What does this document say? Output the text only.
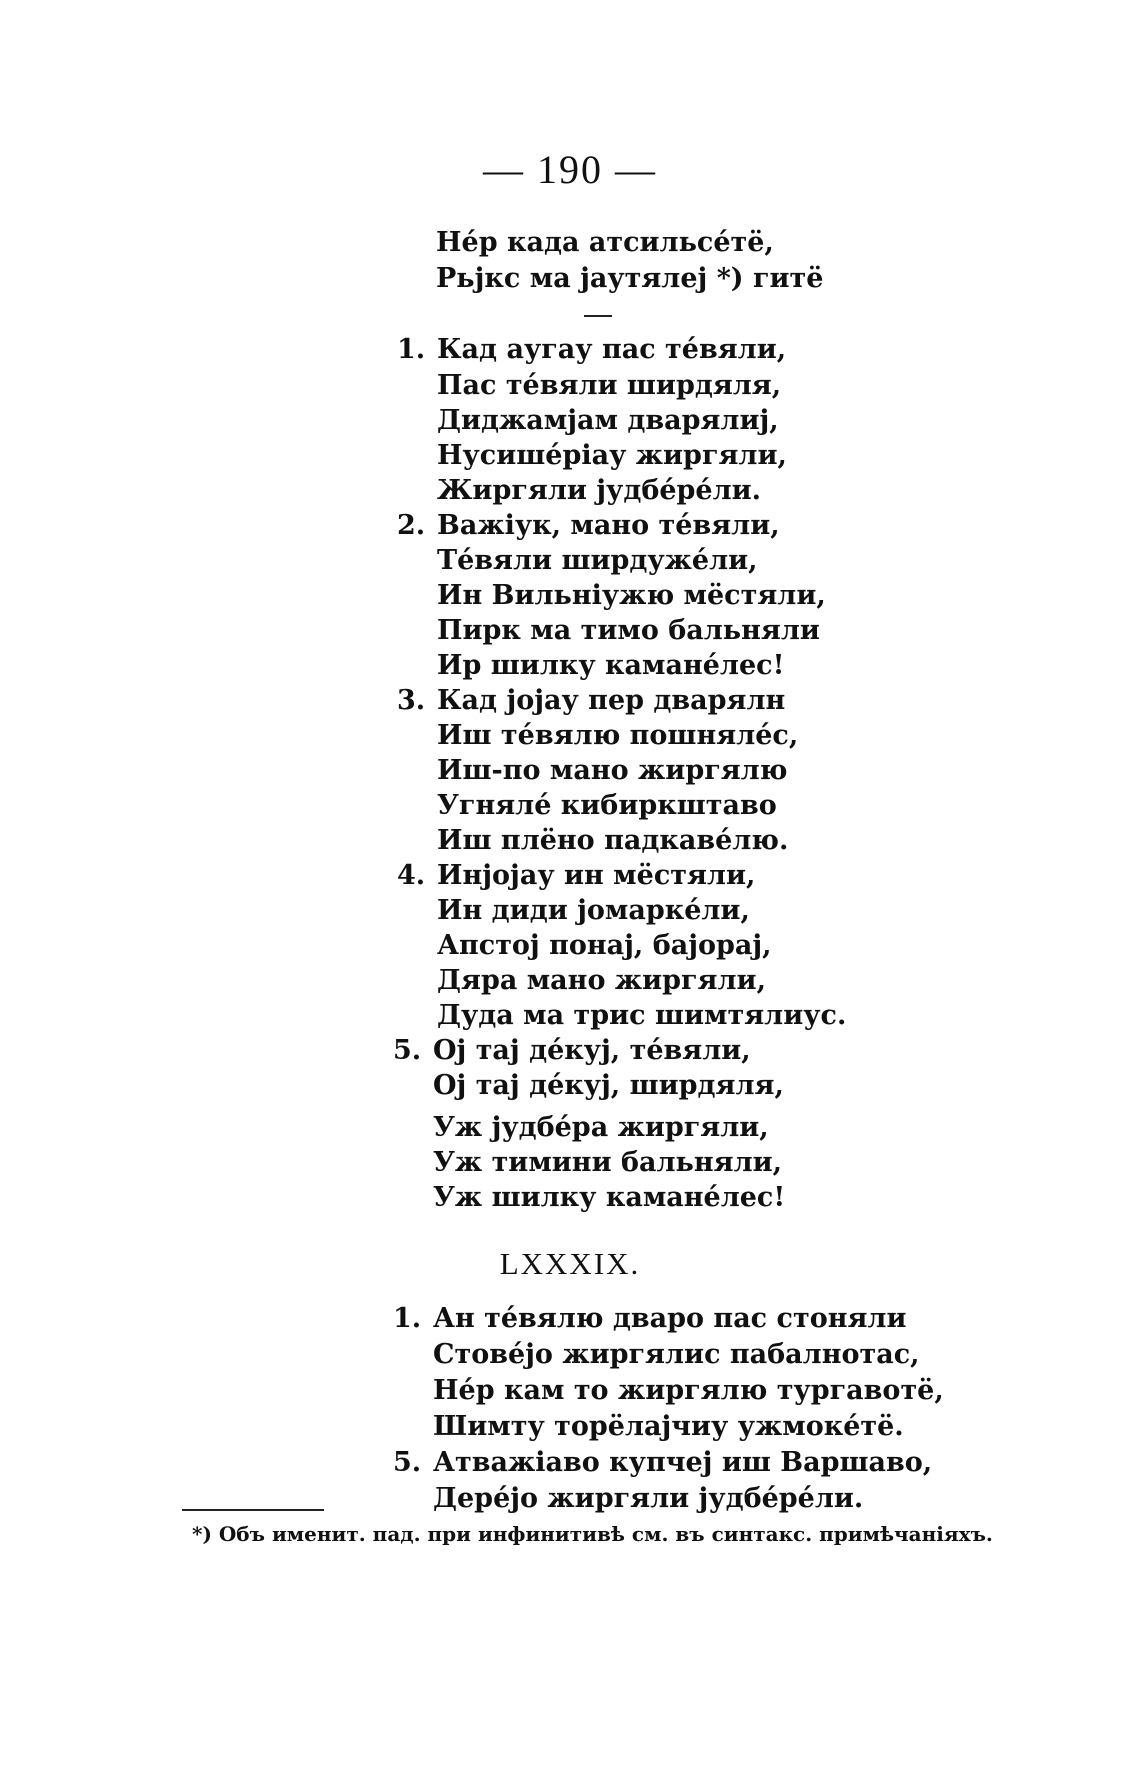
— 190 —
Нéр када атсильсéтё,
Рьјкс ма јаутялеј *) гитё
1. Кад аугау пас тéвяли,
Пас тéвяли ширдяля,
Диджамјам дварялиј,
Нусишéріау жиргяли,
Жиргяли јудбéрéли.
2. Важіук, мано тéвяли,
Тéвяли ширдужéли,
Ин Вильніужю мёстяли,
Пирк ма тимо бальняли
Ир шилку каманéлес!
3. Кад јојау пер дварялн
Иш тéвялю пошнялéс,
Иш-по мано жиргялю
Угнялé кибиркштаво
Иш плёно падкавéлю.
4. Инјојау ин мёстяли,
Ин диди јомаркéли,
Апстој понај, бајорај,
Дяра мано жиргяли,
Дуда ма трис шимтялиус.
5. Ој тај дéкуј, тéвяли,
Ој тај дéкуј, ширдяля,
Уж јудбéра жиргяли,
Уж тимини бальняли,
Уж шилку каманéлес!
LXXXIX.
1. Ан тéвялю дваро пас стоняли
Стовéјо жиргялис пабалнотас,
Нéр кам то жиргялю тургавотё,
Шимту торёлајчиу ужмокéтё.
5. Атважіаво купчеј иш Варшаво,
Дерéјо жиргяли јудбéрéли.
*) Объ именит. пад. при инфинитивѣ см. въ синтакс. примѣчаніяхъ.
